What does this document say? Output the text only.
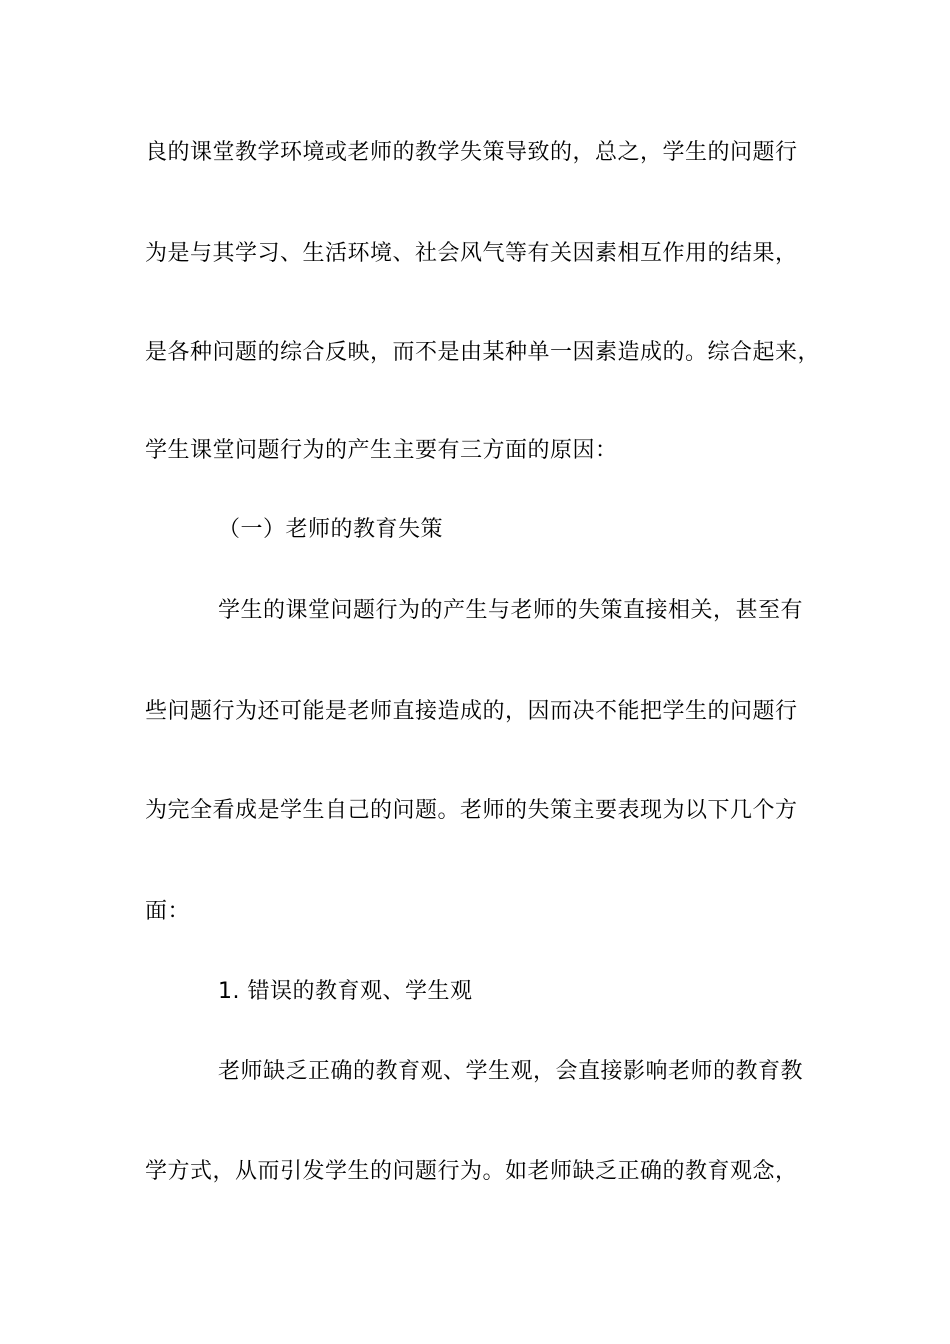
良的课堂教学环境或老师的教学失策导致的，总之，学生的问题行
为是与其学习、生活环境、社会风气等有关因素相互作用的结果，
是各种问题的综合反映，而不是由某种单一因素造成的。综合起来，
学生课堂问题行为的产生主要有三方面的原因：
（一）老师的教育失策
学生的课堂问题行为的产生与老师的失策直接相关，甚至有
些问题行为还可能是老师直接造成的，因而决不能把学生的问题行
为完全看成是学生自己的问题。老师的失策主要表现为以下几个方
面：
1. 错误的教育观、学生观
老师缺乏正确的教育观、学生观，会直接影响老师的教育教
学方式，从而引发学生的问题行为。如老师缺乏正确的教育观念，
